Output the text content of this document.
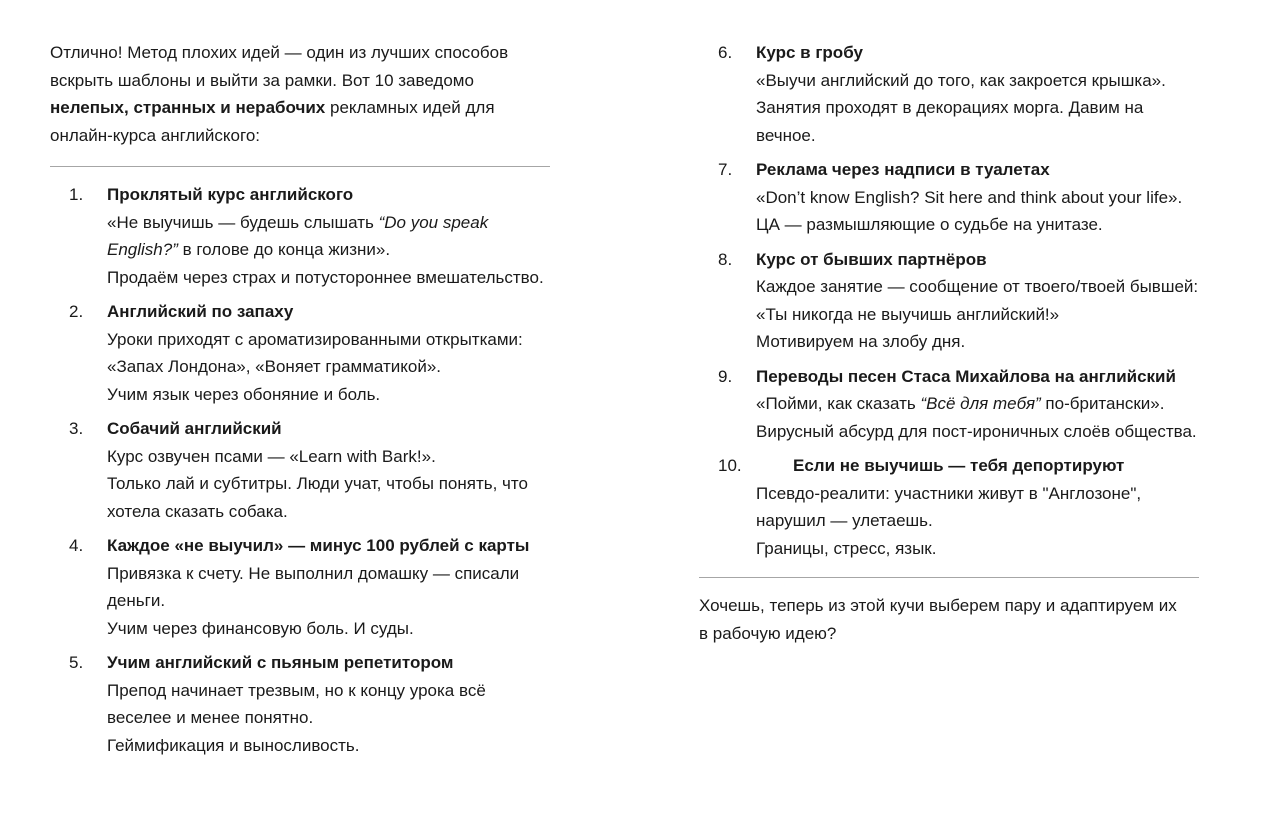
Отлично! Метод плохих идей — один из лучших способов
вскрыть шаблоны и выйти за рамки. Вот 10 заведомо
нелепых, странных и нерабочих рекламных идей для
онлайн-курса английского:

1. Проклятый курс английского
«Не выучишь — будешь слышать “Do you speak
English?” в голове до конца жизни».
Продаём через страх и потустороннее вмешательство.
2. Английский по запаху
Уроки приходят с ароматизированными открытками:
«Запах Лондона», «Воняет грамматикой».
Учим язык через обоняние и боль.
3. Собачий английский
Курс озвучен псами — «Learn with Bark!».
Только лай и субтитры. Люди учат, чтобы понять, что
хотела сказать собака.
4. Каждое «не выучил» — минус 100 рублей с карты
Привязка к счету. Не выполнил домашку — списали
деньги.
Учим через финансовую боль. И суды.
5. Учим английский с пьяным репетитором
Препод начинает трезвым, но к концу урока всё
веселее и менее понятно.
Геймификация и выносливость.
6. Курс в гробу
«Выучи английский до того, как закроется крышка».
Занятия проходят в декорациях морга. Давим на
вечное.
7. Реклама через надписи в туалетах
«Don’t know English? Sit here and think about your life».
ЦА — размышляющие о судьбе на унитазе.
8. Курс от бывших партнёров
Каждое занятие — сообщение от твоего/твоей бывшей:
«Ты никогда не выучишь английский!»
Мотивируем на злобу дня.
9. Переводы песен Стаса Михайлова на английский
«Пойми, как сказать “Всё для тебя” по-британски».
Вирусный абсурд для пост-ироничных слоёв общества.
10.	Если не выучишь — тебя депортируют
Псевдо-реалити: участники живут в "Англозоне",
нарушил — улетаешь.
Границы, стресс, язык.

Хочешь, теперь из этой кучи выберем пару и адаптируем их
в рабочую идею?
